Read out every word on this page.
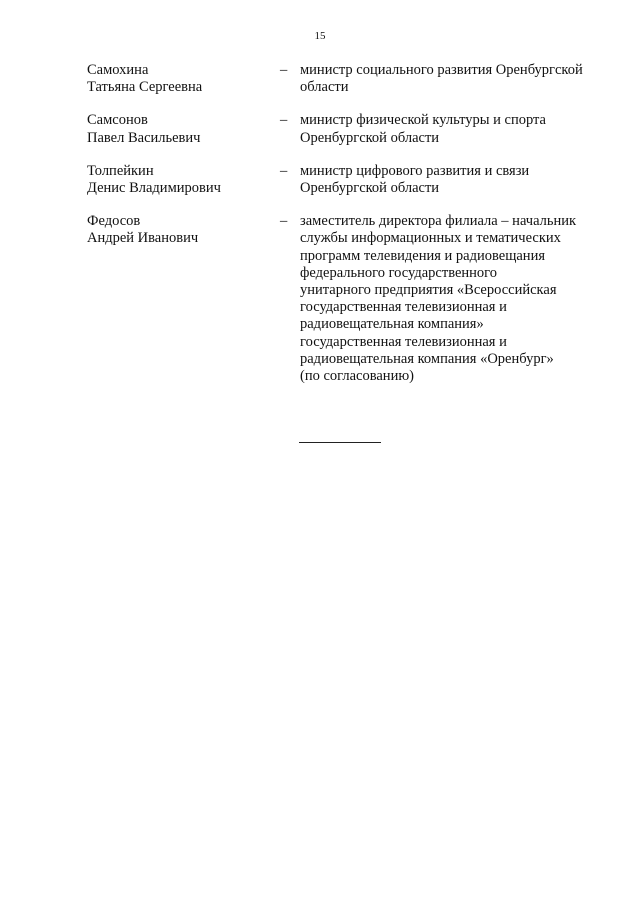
15
Самохина
Татьяна Сергеевна
– министр социального развития Оренбургской
области
Самсонов
Павел Васильевич
– министр физической культуры и спорта
Оренбургской области
Толпейкин
Денис Владимирович
– министр цифрового развития и связи
Оренбургской области
Федосов
Андрей Иванович
– заместитель директора филиала – начальник
службы информационных и тематических
программ телевидения и радиовещания
федерального государственного
унитарного предприятия «Всероссийская
государственная телевизионная и
радиовещательная компания»
государственная телевизионная и
радиовещательная компания «Оренбург»
(по согласованию)
